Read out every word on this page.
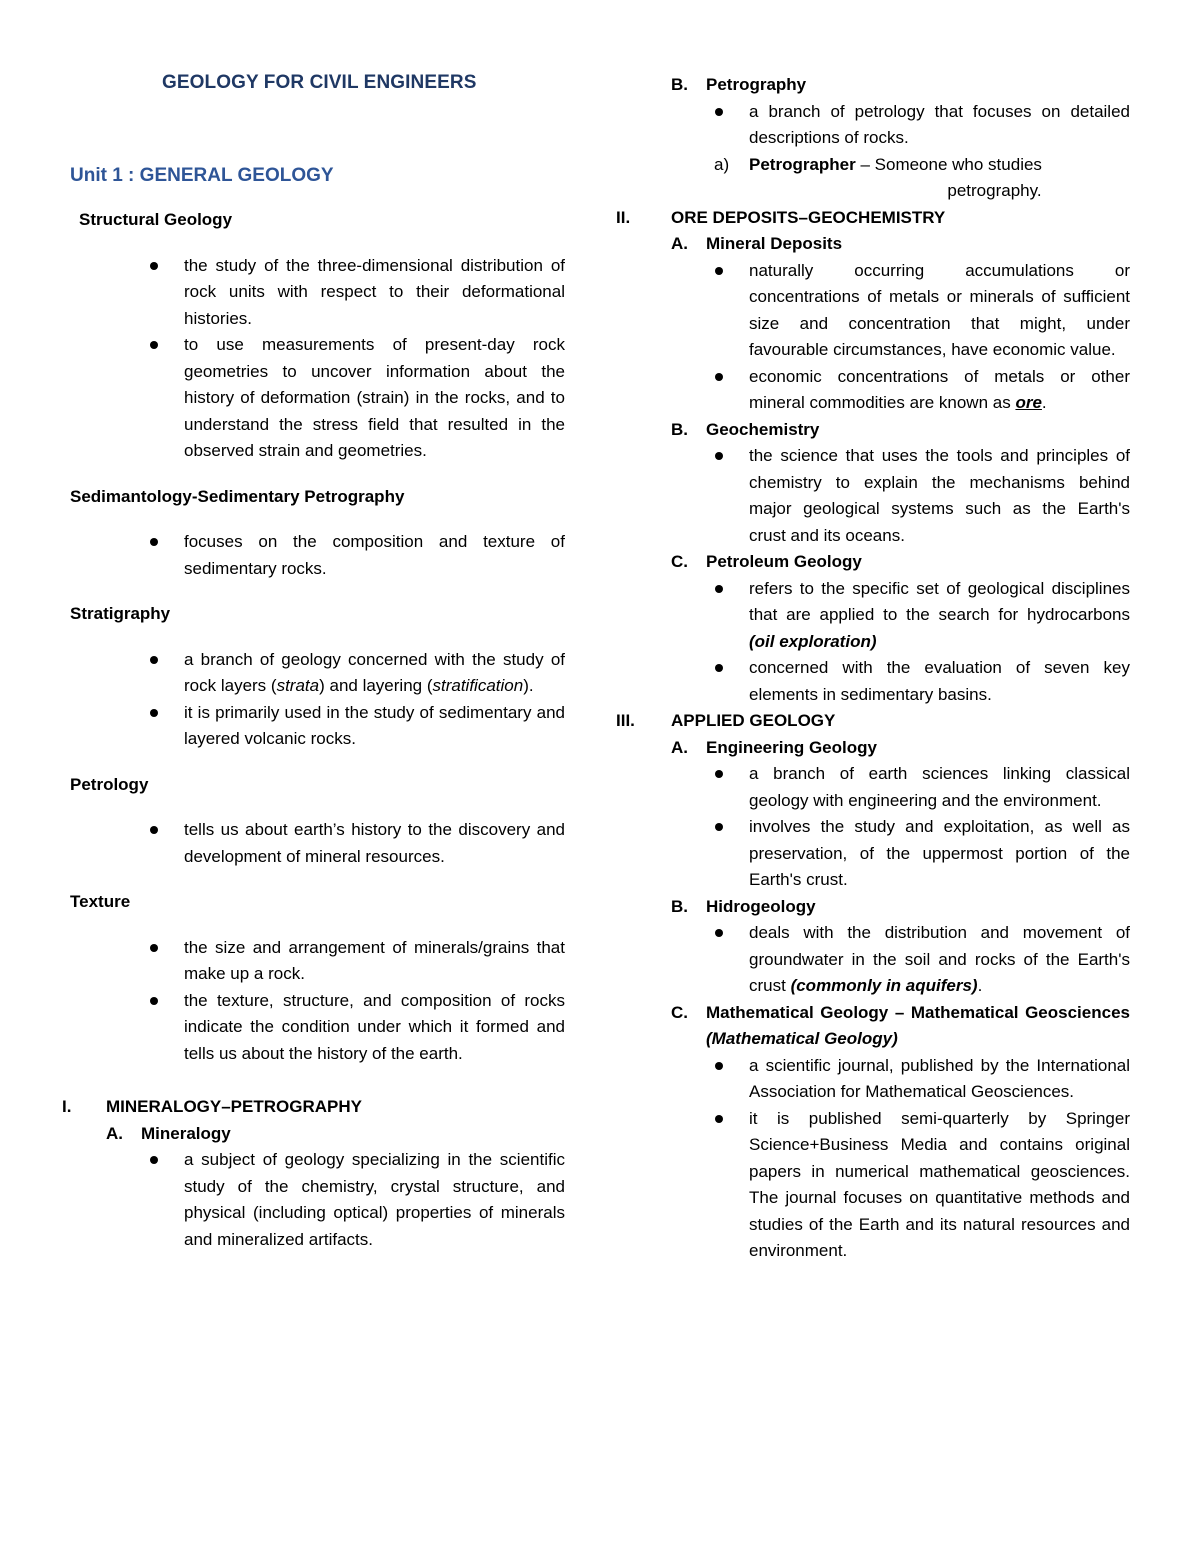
GEOLOGY FOR CIVIL ENGINEERS
Unit 1 : GENERAL GEOLOGY
Structural Geology
the study of the three-dimensional distribution of rock units with respect to their deformational histories.
to use measurements of present-day rock geometries to uncover information about the history of deformation (strain) in the rocks, and to understand the stress field that resulted in the observed strain and geometries.
Sedimantology-Sedimentary Petrography
focuses on the composition and texture of sedimentary rocks.
Stratigraphy
a branch of geology concerned with the study of rock layers (strata) and layering (stratification).
it is primarily used in the study of sedimentary and layered volcanic rocks.
Petrology
tells us about earth’s history to the discovery and development of mineral resources.
Texture
the size and arrangement of minerals/grains that make up a rock.
the texture, structure, and composition of rocks indicate the condition under which it formed and tells us about the history of the earth.
I. MINERALOGY–PETROGRAPHY
A. Mineralogy
a subject of geology specializing in the scientific study of the chemistry, crystal structure, and physical (including optical) properties of minerals and mineralized artifacts.
B. Petrography
a branch of petrology that focuses on detailed descriptions of rocks.
a) Petrographer – Someone who studies
petrography.
II. ORE DEPOSITS–GEOCHEMISTRY
A. Mineral Deposits
naturally occurring accumulations or concentrations of metals or minerals of sufficient size and concentration that might, under favourable circumstances, have economic value.
economic concentrations of metals or other mineral commodities are known as ore.
B. Geochemistry
the science that uses the tools and principles of chemistry to explain the mechanisms behind major geological systems such as the Earth's crust and its oceans.
C. Petroleum Geology
refers to the specific set of geological disciplines that are applied to the search for hydrocarbons (oil exploration)
concerned with the evaluation of seven key elements in sedimentary basins.
III. APPLIED GEOLOGY
A. Engineering Geology
a branch of earth sciences linking classical geology with engineering and the environment.
involves the study and exploitation, as well as preservation, of the uppermost portion of the Earth's crust.
B. Hidrogeology
deals with the distribution and movement of groundwater in the soil and rocks of the Earth's crust (commonly in aquifers).
C. Mathematical Geology – Mathematical Geosciences (Mathematical Geology)
a scientific journal, published by the International Association for Mathematical Geosciences.
it is published semi-quarterly by Springer Science+Business Media and contains original papers in numerical mathematical geosciences. The journal focuses on quantitative methods and studies of the Earth and its natural resources and environment.
